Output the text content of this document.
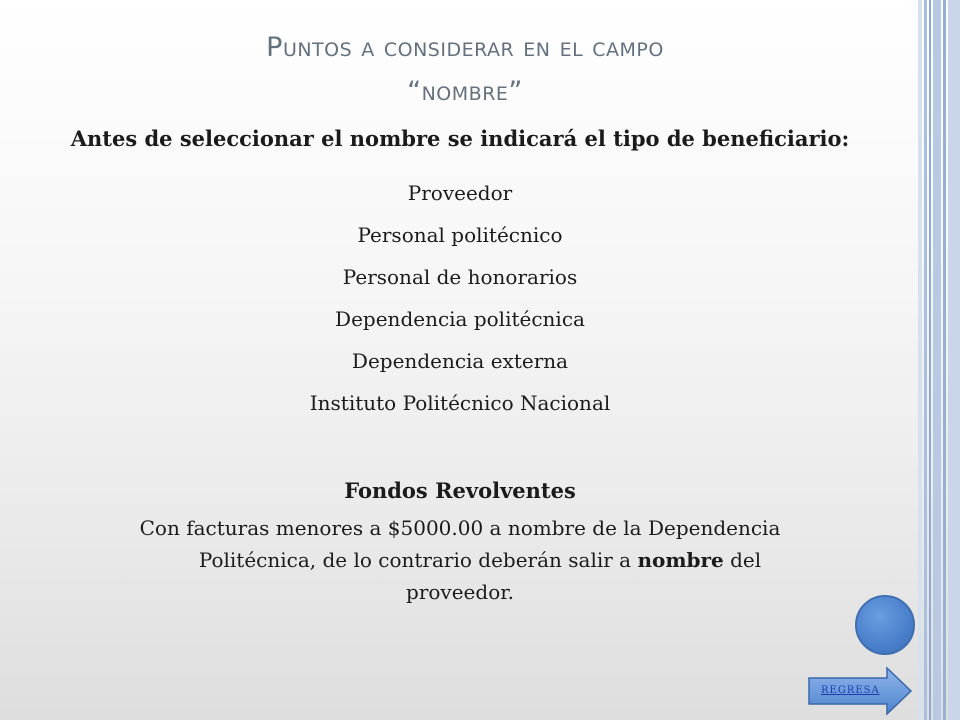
Puntos a considerar en el campo
“nombre”
Antes de seleccionar el nombre se indicará el tipo de beneficiario:
Proveedor
Personal politécnico
Personal de honorarios
Dependencia politécnica
Dependencia externa
Instituto Politécnico Nacional
Fondos Revolventes
Con facturas menores a $5000.00 a nombre de la Dependencia
Politécnica, de lo contrario deberán salir a nombre del
proveedor.
REGRESA
